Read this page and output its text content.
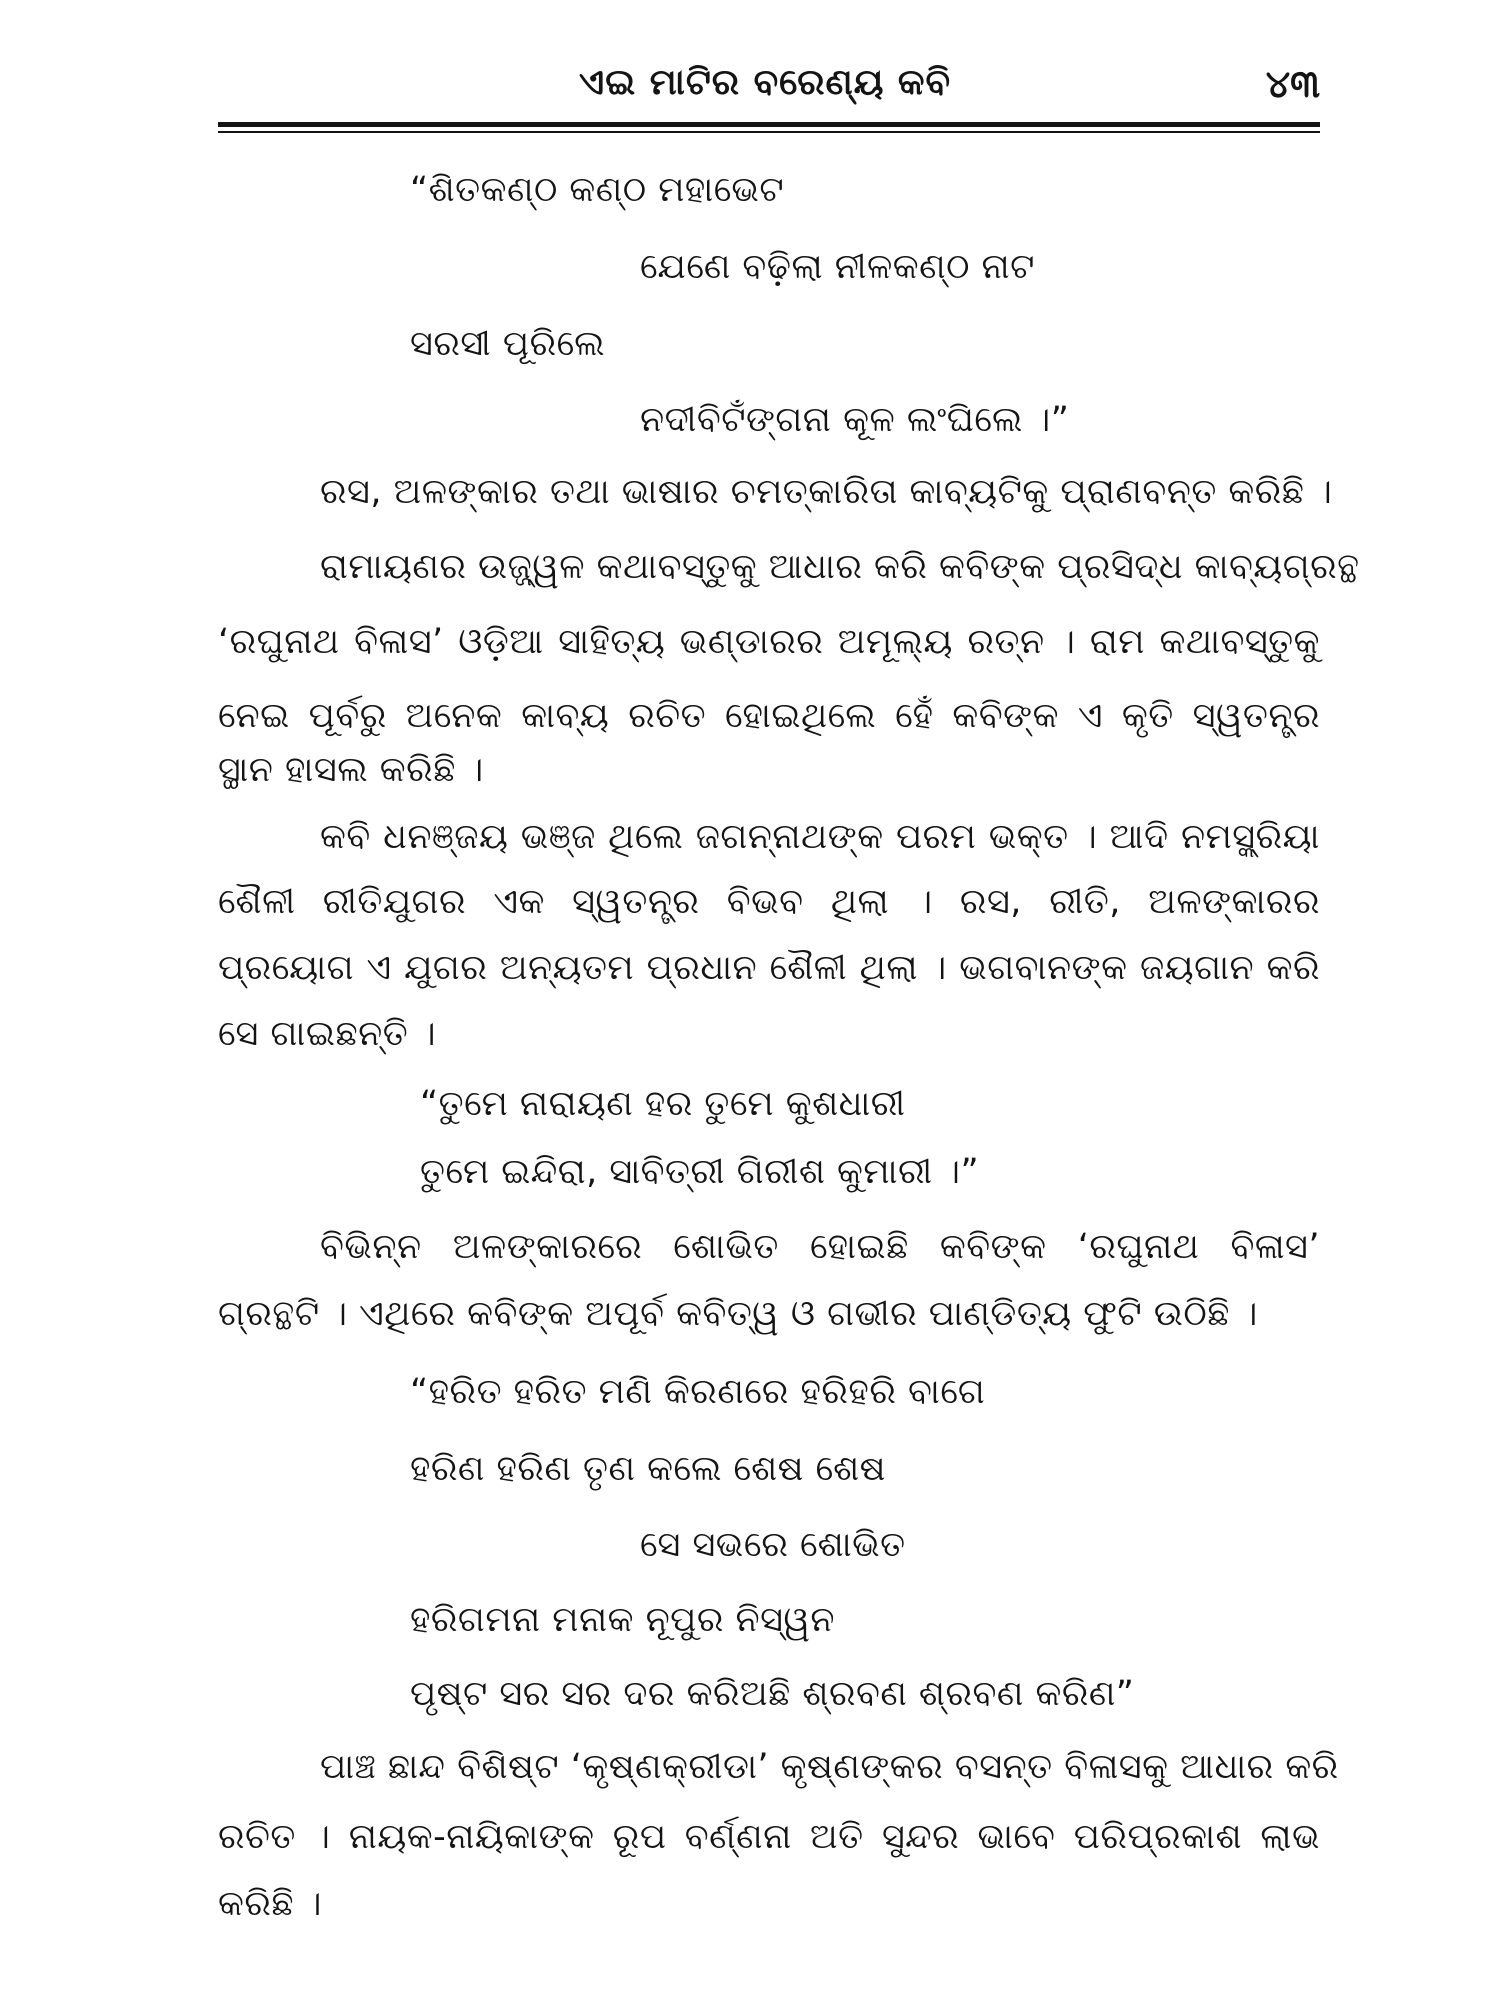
ଏଇ ମାଟିର ବରେଣ୍ୟ କବି	୪୩
“ଶିତକଣ୍ଠ କଣ୍ଠ ମହାଭେଟ
ଯେଣେ ବଢ଼ିଲା ନୀଳକଣ୍ଠ ନାଟ
ସରସୀ ପୂରିଲେ
ନଦୀବିଟଁଙ୍ଗନା କୂଳ ଲଂଘିଲେ ।”
ରସ, ଅଳଙ୍କାର ତଥା ଭାଷାର ଚମତ୍କାରିତା କାବ୍ୟଟିକୁ ପ୍ରାଣବନ୍ତ କରିଛି ।
ରାମାୟଣର ଉଜ୍ଜ୍ୱଳ କଥାବସ୍ତୁକୁ ଆଧାର କରି କବିଙ୍କ ପ୍ରସିଦ୍ଧ କାବ୍ୟଗ୍ରନ୍ଥ
‘ରଘୁନାଥ ବିଳାସ’ ଓଡ଼ିଆ ସାହିତ୍ୟ ଭଣ୍ଡାରର ଅମୂଲ୍ୟ ରତ୍ନ । ରାମ କଥାବସ୍ତୁକୁ
ନେଇ ପୂର୍ବରୁ ଅନେକ କାବ୍ୟ ରଚିତ ହୋଇଥିଲେ ହେଁ କବିଙ୍କ ଏ କୃତି ସ୍ୱତନ୍ତ୍ର
ସ୍ଥାନ ହାସଲ କରିଛି ।
କବି ଧନଞ୍ଜୟ ଭଞ୍ଜ ଥିଲେ ଜଗନ୍ନାଥଙ୍କ ପରମ ଭକ୍ତ । ଆଦି ନମସ୍କ୍ରିୟା
ଶୈଳୀ ରୀତିଯୁଗର ଏକ ସ୍ୱତନ୍ତ୍ର ବିଭବ ଥିଲା । ରସ, ରୀତି, ଅଳଙ୍କାରର
ପ୍ରୟୋଗ ଏ ଯୁଗର ଅନ୍ୟତମ ପ୍ରଧାନ ଶୈଳୀ ଥିଲା । ଭଗବାନଙ୍କ ଜୟଗାନ କରି
ସେ ଗାଇଛନ୍ତି ।
“ତୁମେ ନାରାୟଣ ହର ତୁମେ କୁଶଧାରୀ
ତୁମେ ଇନ୍ଦିରା, ସାବିତ୍ରୀ ଗିରୀଶ କୁମାରୀ ।”
ବିଭିନ୍ନ ଅଳଙ୍କାରରେ ଶୋଭିତ ହୋଇଛି କବିଙ୍କ ‘ରଘୁନାଥ ବିଳାସ’
ଗ୍ରନ୍ଥଟି । ଏଥିରେ କବିଙ୍କ ଅପୂର୍ବ କବିତ୍ୱ ଓ ଗଭୀର ପାଣ୍ଡିତ୍ୟ ଫୁଟି ଉଠିଛି ।
“ହରିତ ହରିତ ମଣି କିରଣରେ ହରିହରି ବାଗେ
ହରିଣ ହରିଣ ତୃଣ କଲେ ଶେଷ ଶେଷ
ସେ ସଭରେ ଶୋଭିତ
ହରିଗମନା ମନାକ ନୂପୁର ନିସ୍ୱନ
ପୃଷ୍ଟ ସର ସର ଦର କରିଅଛି ଶ୍ରବଣ ଶ୍ରବଣ କରିଣ”
ପାଞ୍ଚ ଛାନ୍ଦ ବିଶିଷ୍ଟ ‘କୃଷ୍ଣକ୍ରୀଡା’ କୃଷ୍ଣଙ୍କର ବସନ୍ତ ବିଳାସକୁ ଆଧାର କରି
ରଚିତ । ନାୟକ-ନାୟିକାଙ୍କ ରୂପ ବର୍ଣ୍ଣନା ଅତି ସୁନ୍ଦର ଭାବେ ପରିପ୍ରକାଶ ଲାଭ
କରିଛି ।
